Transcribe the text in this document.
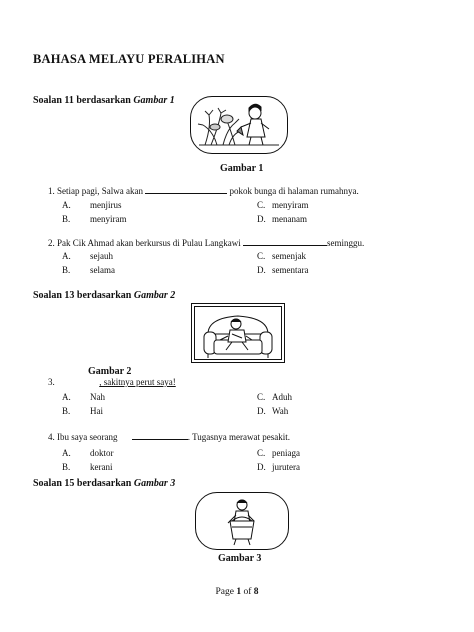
BAHASA MELAYU PERALIHAN
Soalan 11 berdasarkan Gambar 1
Gambar 1
1. Setiap pagi, Salwa akan	pokok bunga di halaman rumahnya.
A. menjirus	C. menyiram
B. menyiram	D. menanam
2. Pak Cik Ahmad akan berkursus di Pulau Langkawi	seminggu.
A. sejauh	C. semenjak
B. selama	D. sementara
Soalan 13 berdasarkan Gambar 2
Gambar 2
3.	, sakitnya perut saya!
A. Nah	C. Aduh
B. Hai	D. Wah
4. Ibu saya seorang	. Tugasnya merawat pesakit.
A. doktor	C. peniaga
B. kerani	D. jurutera
Soalan 15 berdasarkan Gambar 3
Gambar 3
Page 1 of 8
